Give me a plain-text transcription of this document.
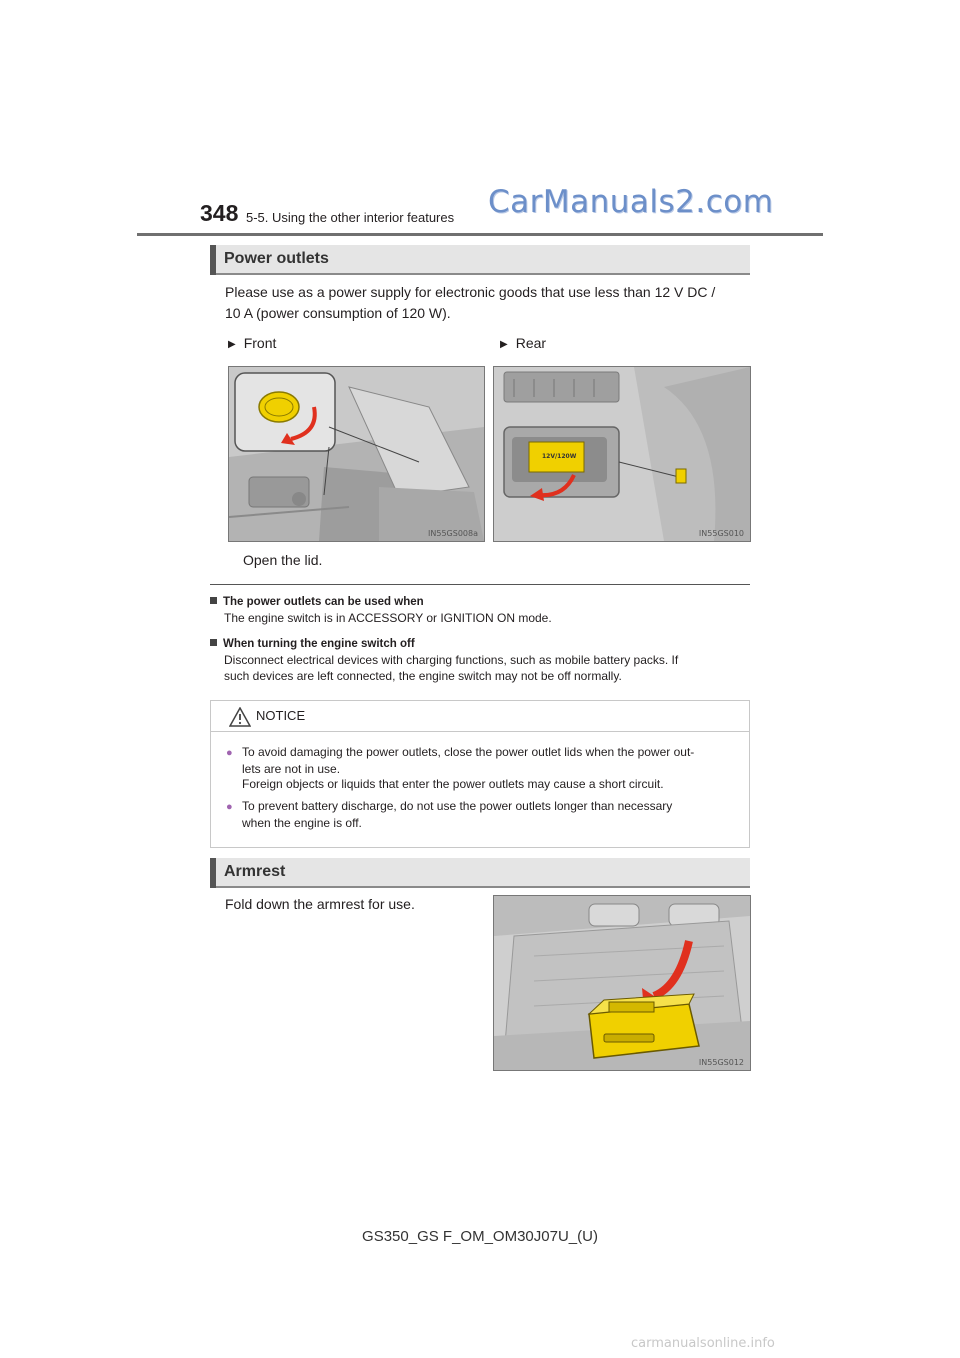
348 5-5. Using the other interior features CarManuals2.com
Power outlets
Please use as a power supply for electronic goods that use less than 12 V DC /
10 A (power consumption of 120 W).
▶ Front	▶ Rear
IN55GS008a
12V/120W
IN55GS010
Open the lid.
The power outlets can be used when
The engine switch is in ACCESSORY or IGNITION ON mode.
When turning the engine switch off
Disconnect electrical devices with charging functions, such as mobile battery packs. If
such devices are left connected, the engine switch may not be off normally.
NOTICE
●To avoid damaging the power outlets, close the power outlet lids when the power out-
lets are not in use.
Foreign objects or liquids that enter the power outlets may cause a short circuit.
●To prevent battery discharge, do not use the power outlets longer than necessary
when the engine is off.
Armrest
Fold down the armrest for use.
IN55GS012
GS350_GS F_OM_OM30J07U_(U)
carmanualsonline.info
